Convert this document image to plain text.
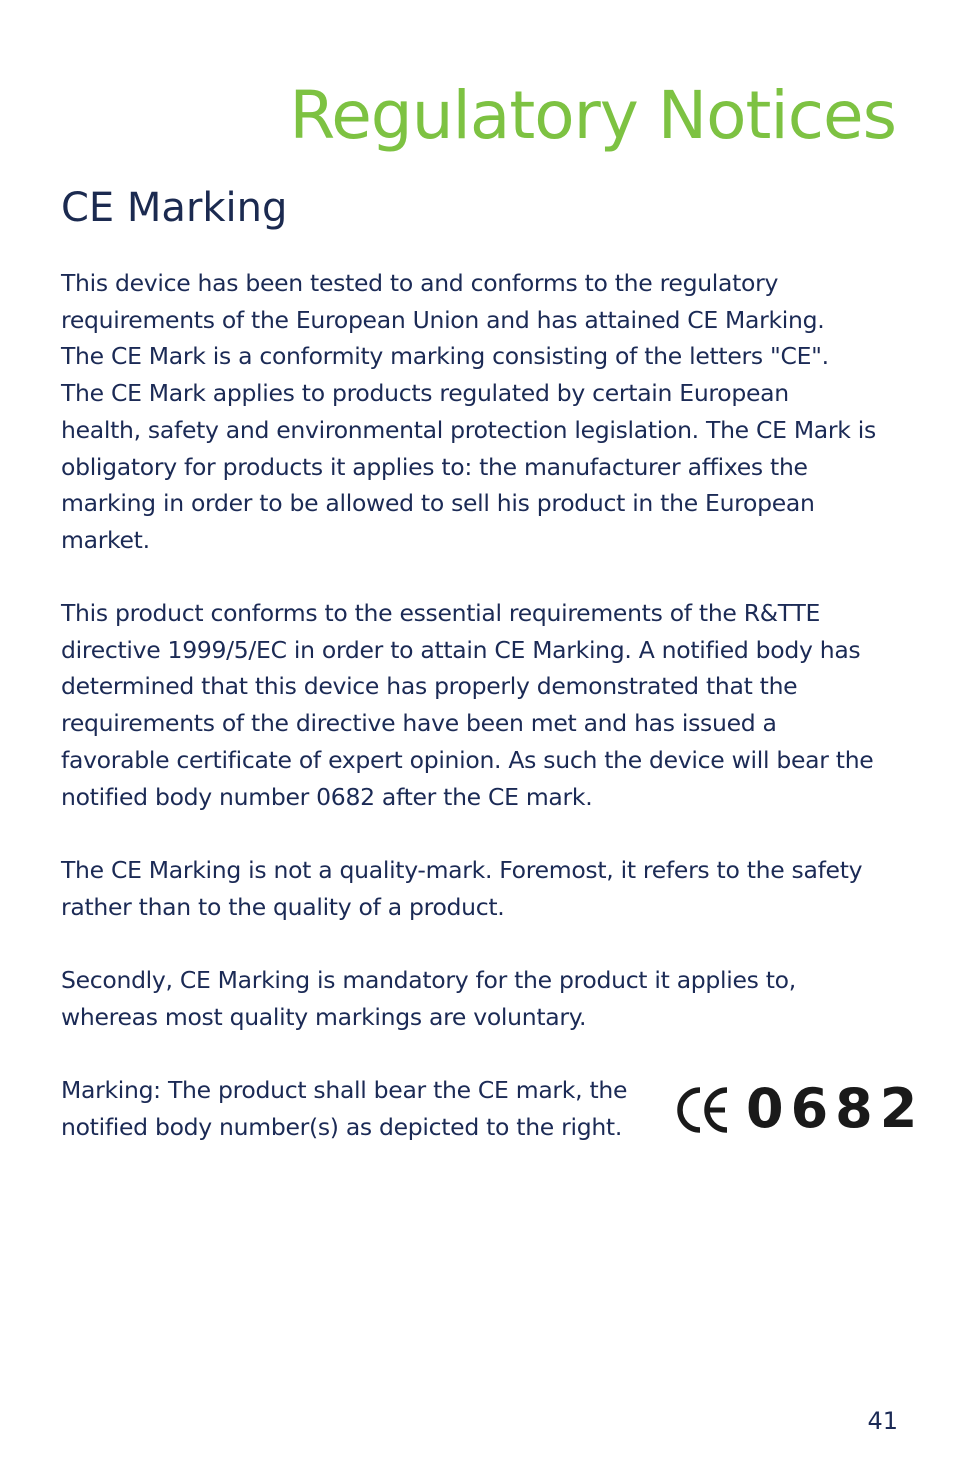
Regulatory Notices
CE Marking

This device has been tested to and conforms to the regulatory
requirements of the European Union and has attained CE Marking.
The CE Mark is a conformity marking consisting of the letters "CE".
The CE Mark applies to products regulated by certain European
health, safety and environmental protection legislation. The CE Mark is
obligatory for products it applies to: the manufacturer affixes the
marking in order to be allowed to sell his product in the European
market.

This product conforms to the essential requirements of the R&TTE
directive 1999/5/EC in order to attain CE Marking. A notified body has
determined that this device has properly demonstrated that the
requirements of the directive have been met and has issued a
favorable certificate of expert opinion. As such the device will bear the
notified body number 0682 after the CE mark.

The CE Marking is not a quality-mark. Foremost, it refers to the safety
rather than to the quality of a product.

Secondly, CE Marking is mandatory for the product it applies to,
whereas most quality markings are voluntary.

Marking: The product shall bear the CE mark, the
notified body number(s) as depicted to the right.	0682

41
